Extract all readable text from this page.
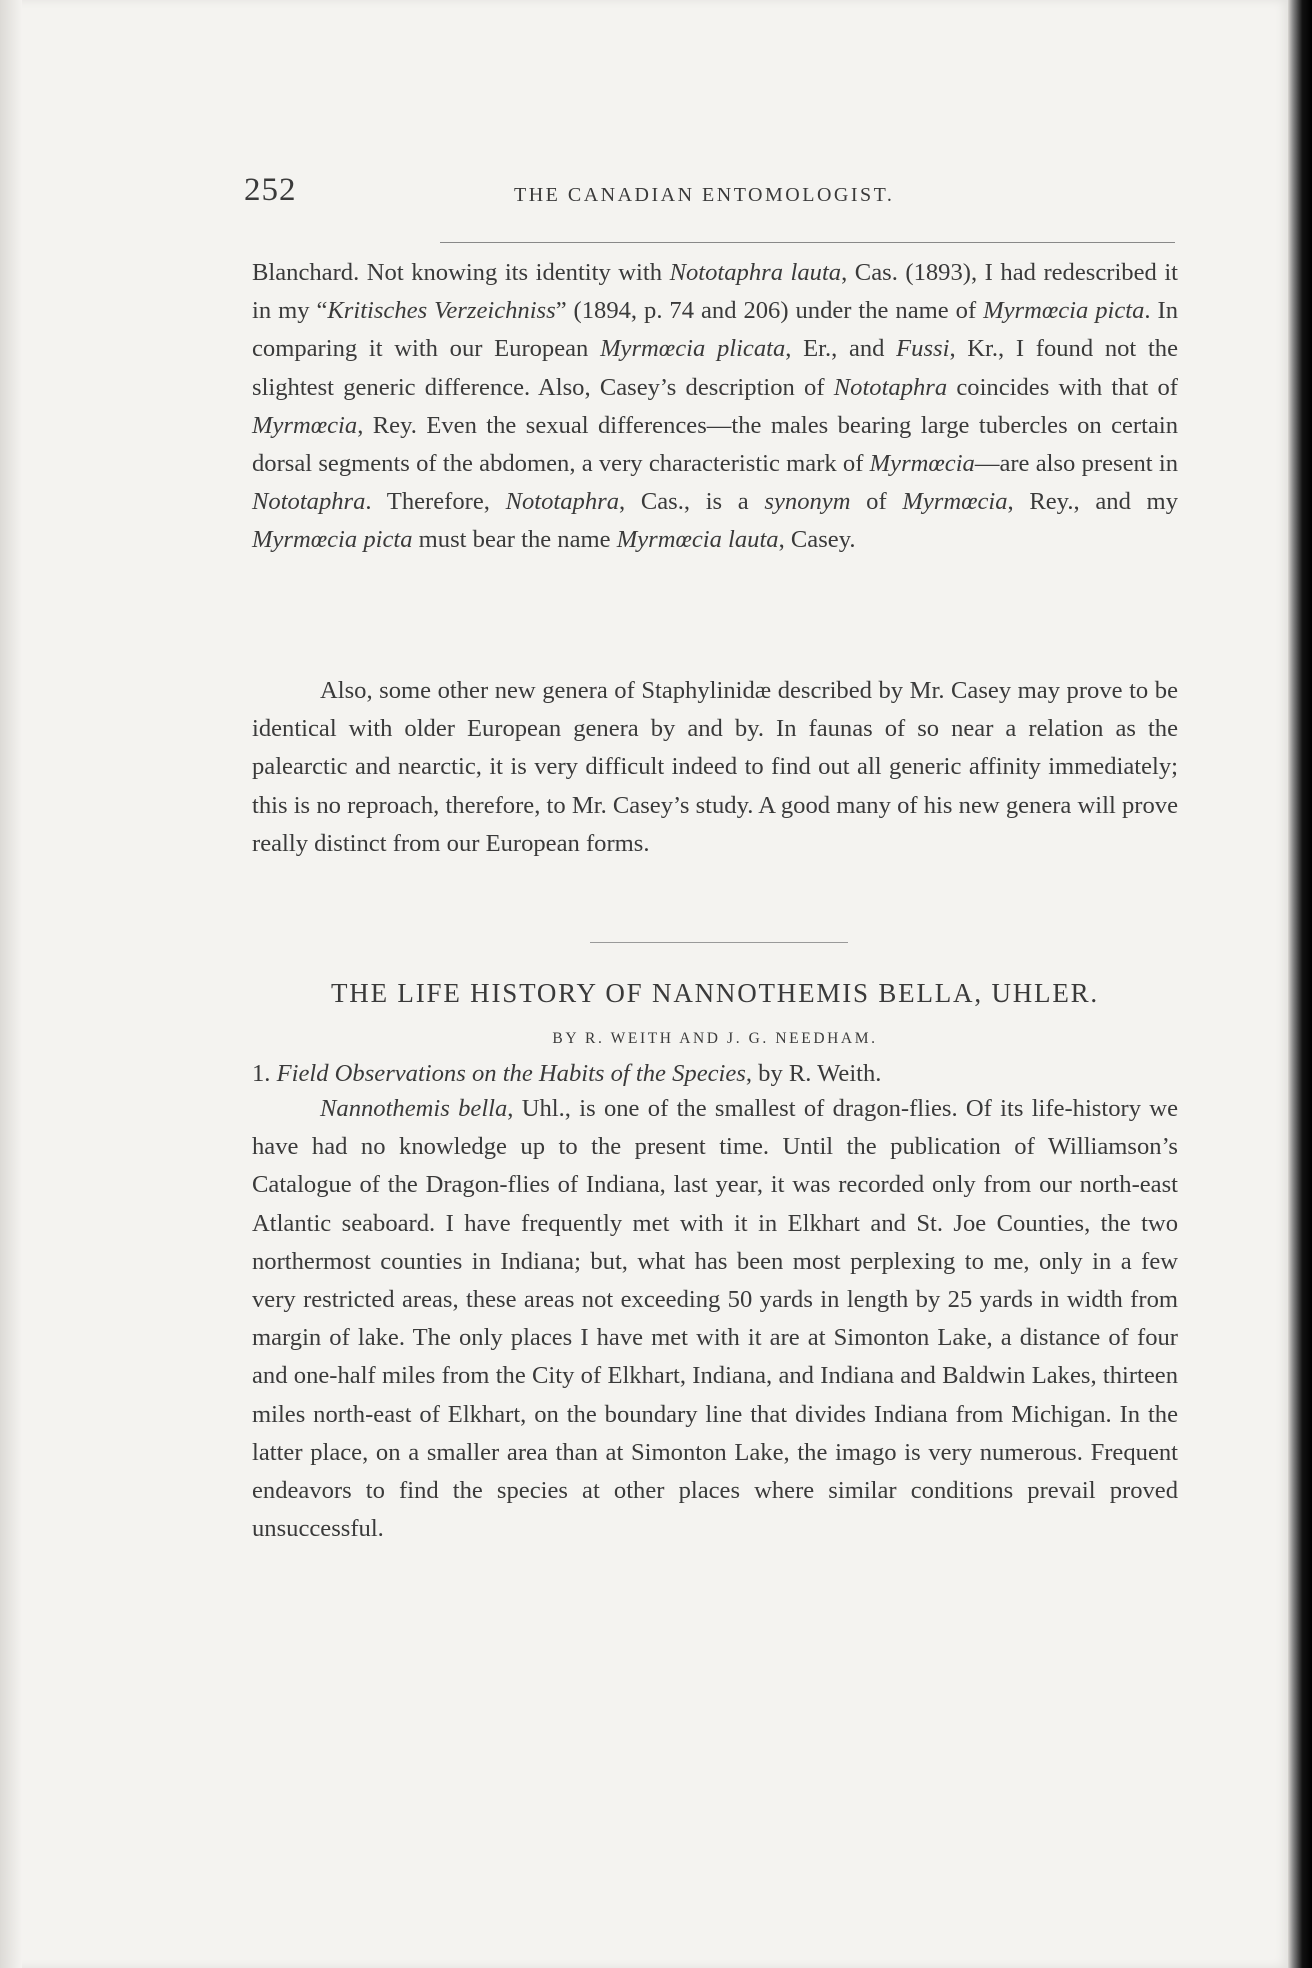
252	THE CANADIAN ENTOMOLOGIST.
Blanchard. Not knowing its identity with Nototaphra lauta, Cas. (1893), I had redescribed it in my “Kritisches Verzeichniss” (1894, p. 74 and 206) under the name of Myrmœcia picta. In comparing it with our European Myrmœcia plicata, Er., and Fussi, Kr., I found not the slightest generic difference. Also, Casey’s description of Nototaphra coincides with that of Myrmœcia, Rey. Even the sexual differences—the males bearing large tubercles on certain dorsal segments of the abdomen, a very characteristic mark of Myrmœcia—are also present in Nototaphra. Therefore, Nototaphra, Cas., is a synonym of Myrmœcia, Rey., and my Myrmœcia picta must bear the name Myrmœcia lauta, Casey.
Also, some other new genera of Staphylinidæ described by Mr. Casey may prove to be identical with older European genera by and by. In faunas of so near a relation as the palearctic and nearctic, it is very difficult indeed to find out all generic affinity immediately; this is no reproach, therefore, to Mr. Casey’s study. A good many of his new genera will prove really distinct from our European forms.
THE LIFE HISTORY OF NANNOTHEMIS BELLA, UHLER.
BY R. WEITH AND J. G. NEEDHAM.
1. Field Observations on the Habits of the Species, by R. Weith.
Nannothemis bella, Uhl., is one of the smallest of dragon-flies. Of its life-history we have had no knowledge up to the present time. Until the publication of Williamson’s Catalogue of the Dragon-flies of Indiana, last year, it was recorded only from our north-east Atlantic seaboard. I have frequently met with it in Elkhart and St. Joe Counties, the two northermost counties in Indiana; but, what has been most perplexing to me, only in a few very restricted areas, these areas not exceeding 50 yards in length by 25 yards in width from margin of lake. The only places I have met with it are at Simonton Lake, a distance of four and one-half miles from the City of Elkhart, Indiana, and Indiana and Baldwin Lakes, thirteen miles north-east of Elkhart, on the boundary line that divides Indiana from Michigan. In the latter place, on a smaller area than at Simonton Lake, the imago is very numerous. Frequent endeavors to find the species at other places where similar conditions prevail proved unsuccessful.
